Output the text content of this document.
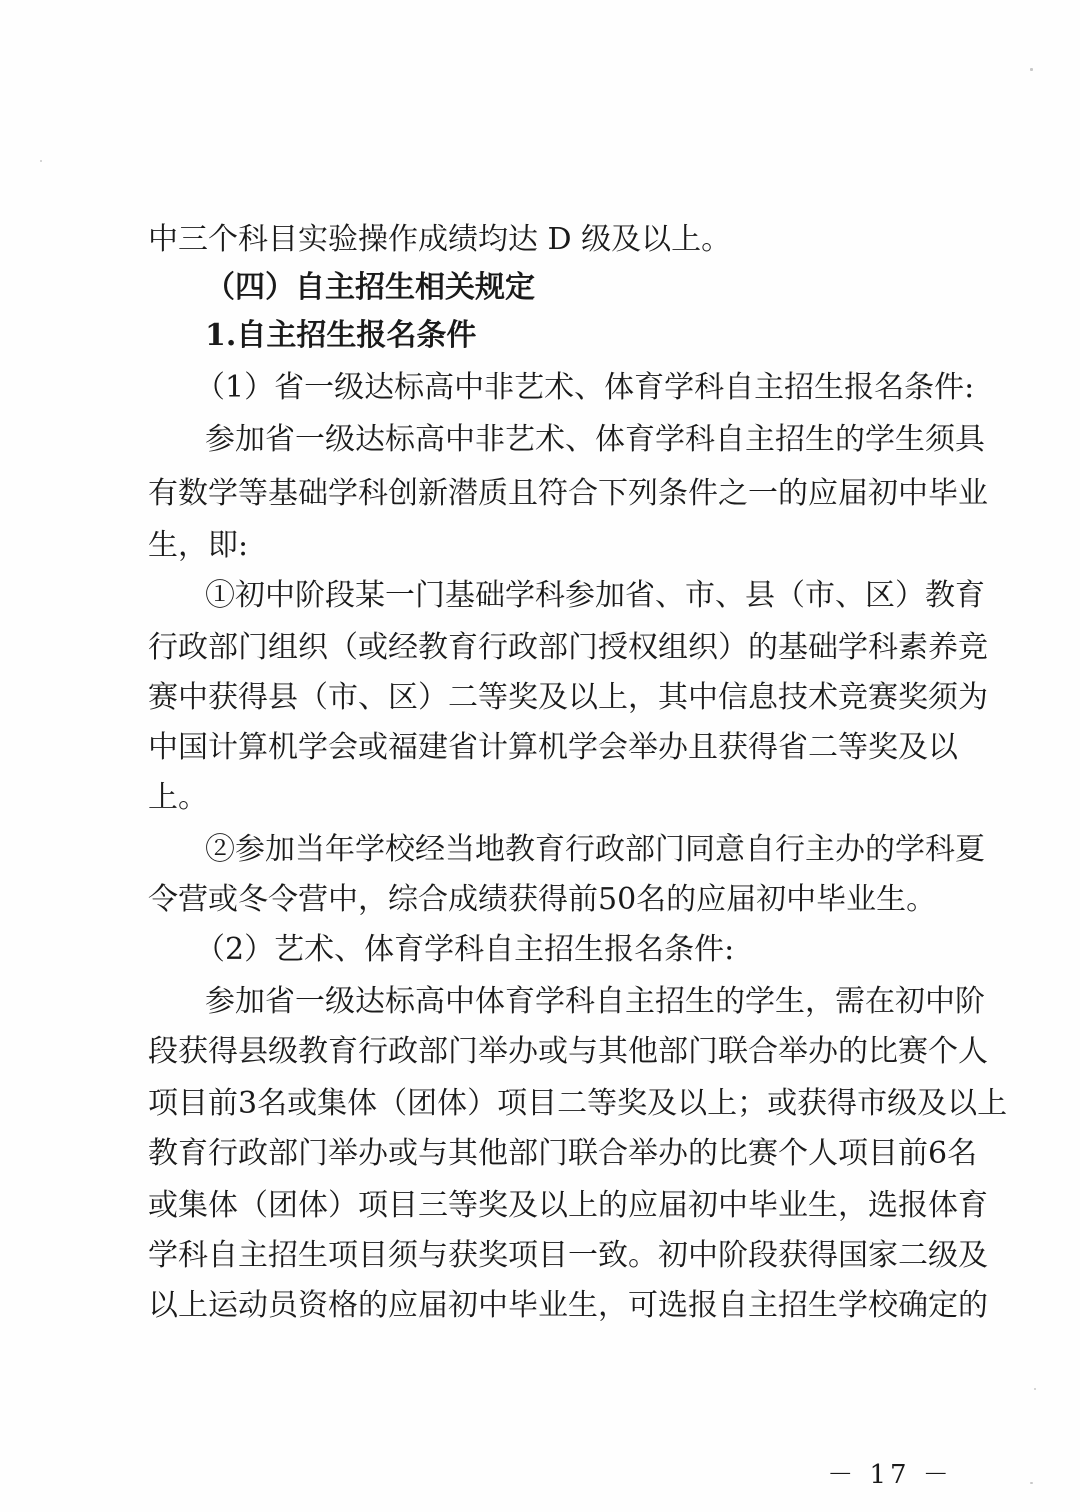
中三个科目实验操作成绩均达 D 级及以上。
（四）自主招生相关规定
1.自主招生报名条件
（1）省一级达标高中非艺术、体育学科自主招生报名条件:
参加省一级达标高中非艺术、体育学科自主招生的学生须具
有数学等基础学科创新潜质且符合下列条件之一的应届初中毕业
生，即:
①初中阶段某一门基础学科参加省、市、县（市、区）教育
行政部门组织（或经教育行政部门授权组织）的基础学科素养竞
赛中获得县（市、区）二等奖及以上，其中信息技术竞赛奖须为
中国计算机学会或福建省计算机学会举办且获得省二等奖及以
上。
②参加当年学校经当地教育行政部门同意自行主办的学科夏
令营或冬令营中，综合成绩获得前50名的应届初中毕业生。
（2）艺术、体育学科自主招生报名条件:
参加省一级达标高中体育学科自主招生的学生，需在初中阶
段获得县级教育行政部门举办或与其他部门联合举办的比赛个人
项目前3名或集体（团体）项目二等奖及以上；或获得市级及以上
教育行政部门举办或与其他部门联合举办的比赛个人项目前6名
或集体（团体）项目三等奖及以上的应届初中毕业生，选报体育
学科自主招生项目须与获奖项目一致。初中阶段获得国家二级及
以上运动员资格的应届初中毕业生，可选报自主招生学校确定的
－ 17 －
